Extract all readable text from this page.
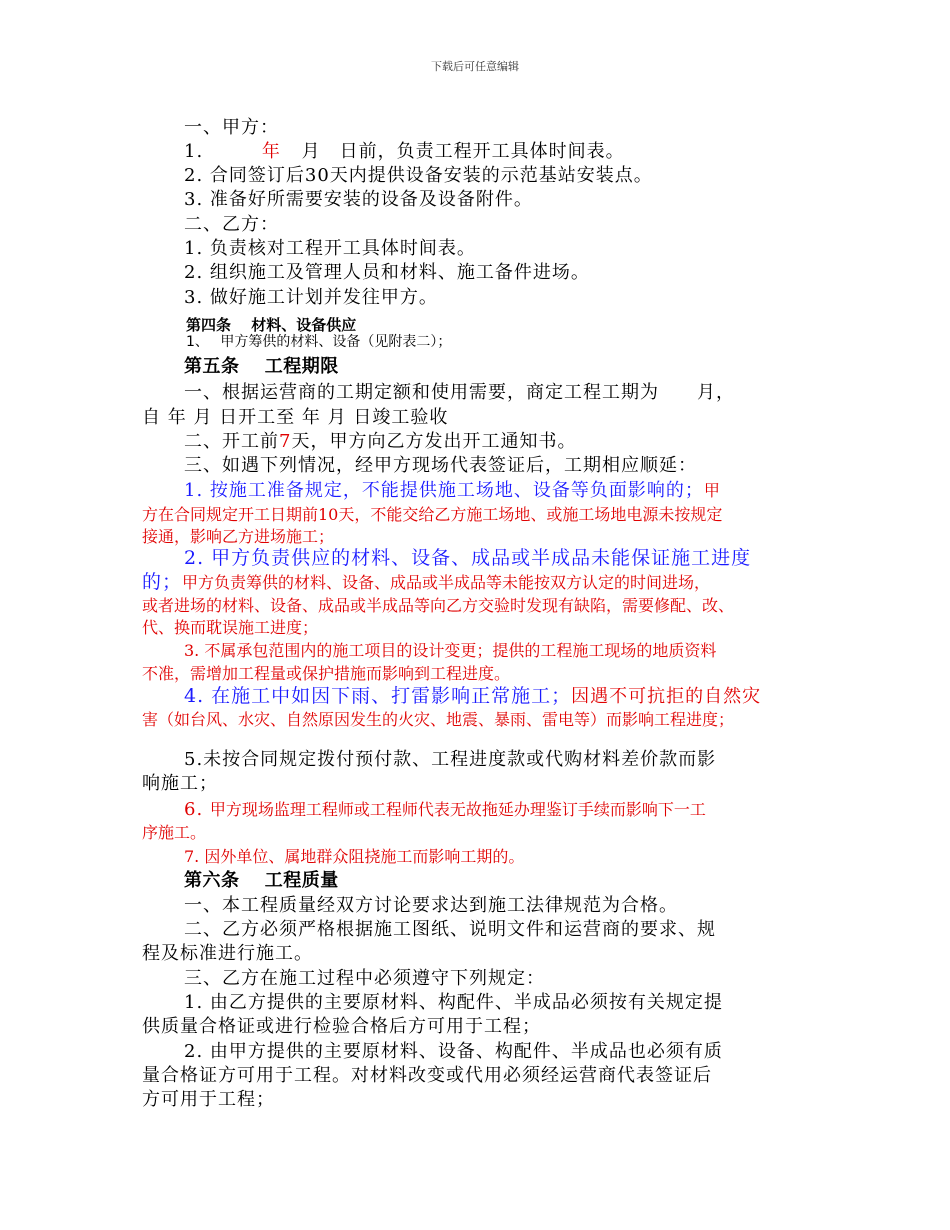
下载后可任意编辑
一、甲方：
1.	年 月　日前，负责工程开工具体时间表。
2. 合同签订后30天内提供设备安装的示范基站安装点。
3. 准备好所需要安装的设备及设备附件。
二、乙方：
1. 负责核对工程开工具体时间表。
2. 组织施工及管理人员和材料、施工备件进场。
3. 做好施工计划并发往甲方。
第四条　 材料、设备供应
1、　 甲方筹供的材料、设备（见附表二）；
第五条　 工程期限
一、根据运营商的工期定额和使用需要，商定工程工期为　　月，
自 年 月 日开工至 年 月 日竣工验收
二、开工前7天，甲方向乙方发出开工通知书。
三、如遇下列情况，经甲方现场代表签证后，工期相应顺延：
1. 按施工准备规定，不能提供施工场地、设备等负面影响的；甲
方在合同规定开工日期前10天，不能交给乙方施工场地、或施工场地电源未按规定
接通，影响乙方进场施工；
2. 甲方负责供应的材料、设备、成品或半成品未能保证施工进度
的；甲方负责筹供的材料、设备、成品或半成品等未能按双方认定的时间进场，
或者进场的材料、设备、成品或半成品等向乙方交验时发现有缺陷，需要修配、改、
代、换而耽误施工进度；
3. 不属承包范围内的施工项目的设计变更；提供的工程施工现场的地质资料
不准，需增加工程量或保护措施而影响到工程进度。
4. 在施工中如因下雨、打雷影响正常施工；因遇不可抗拒的自然灾
害（如台风、水灾、自然原因发生的火灾、地震、暴雨、雷电等）而影响工程进度；
5.未按合同规定拨付预付款、工程进度款或代购材料差价款而影
响施工；
6. 甲方现场监理工程师或工程师代表无故拖延办理鉴订手续而影响下一工
序施工。
7. 因外单位、属地群众阻挠施工而影响工期的。
第六条　 工程质量
一、本工程质量经双方讨论要求达到施工法律规范为合格。
二、乙方必须严格根据施工图纸、说明文件和运营商的要求、规
程及标准进行施工。
三、乙方在施工过程中必须遵守下列规定：
1. 由乙方提供的主要原材料、构配件、半成品必须按有关规定提
供质量合格证或进行检验合格后方可用于工程；
2. 由甲方提供的主要原材料、设备、构配件、半成品也必须有质
量合格证方可用于工程。对材料改变或代用必须经运营商代表签证后
方可用于工程；
